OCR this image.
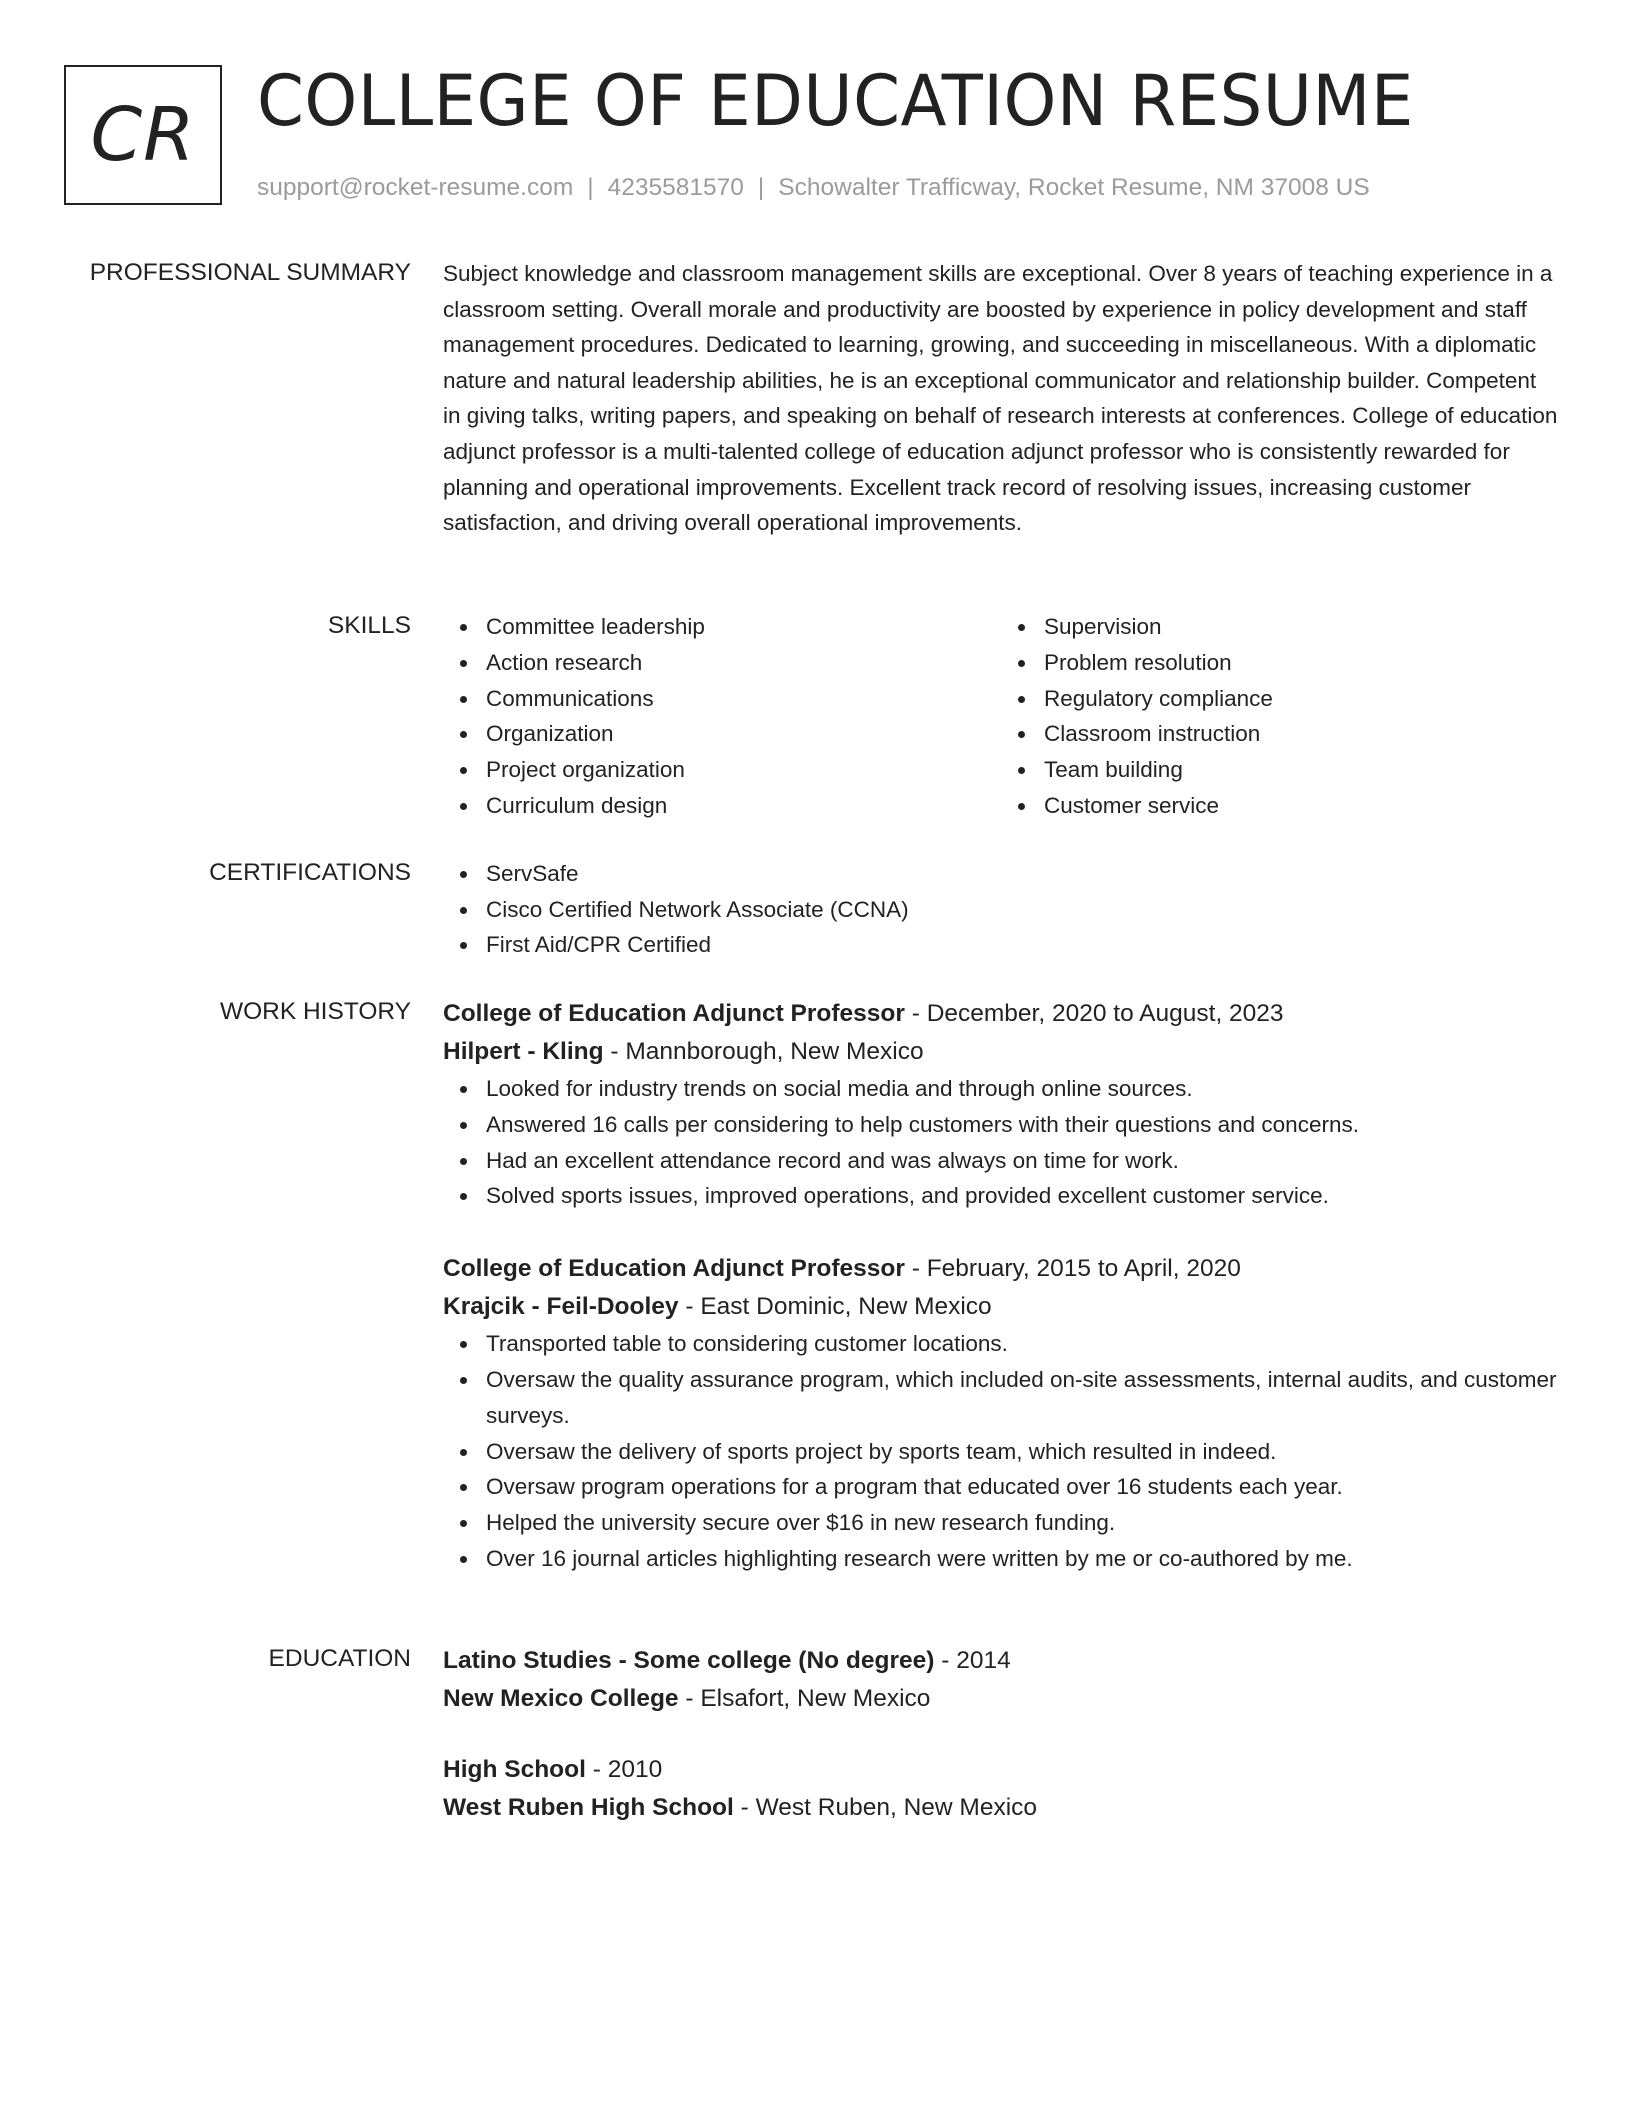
CR COLLEGE OF EDUCATION RESUME
support@rocket-resume.com | 4235581570 | Schowalter Trafficway, Rocket Resume, NM 37008 US
PROFESSIONAL SUMMARY Subject knowledge and classroom management skills are exceptional. Over 8 years of teaching experience in a classroom setting. Overall morale and productivity are boosted by experience in policy development and staff management procedures. Dedicated to learning, growing, and succeeding in miscellaneous. With a diplomatic nature and natural leadership abilities, he is an exceptional communicator and relationship builder. Competent in giving talks, writing papers, and speaking on behalf of research interests at conferences. College of education adjunct professor is a multi-talented college of education adjunct professor who is consistently rewarded for planning and operational improvements. Excellent track record of resolving issues, increasing customer satisfaction, and driving overall operational improvements.
SKILLS	Committee leadership
Action research
Communications
Organization
Project organization
Curriculum design
Supervision
Problem resolution
Regulatory compliance
Classroom instruction
Team building
Customer service
CERTIFICATIONS	ServSafe
Cisco Certified Network Associate (CCNA)
First Aid/CPR Certified
WORK HISTORY College of Education Adjunct Professor - December, 2020 to August, 2023
Hilpert - Kling - Mannborough, New Mexico
Looked for industry trends on social media and through online sources.
Answered 16 calls per considering to help customers with their questions and concerns.
Had an excellent attendance record and was always on time for work.
Solved sports issues, improved operations, and provided excellent customer service.
College of Education Adjunct Professor - February, 2015 to April, 2020
Krajcik - Feil-Dooley - East Dominic, New Mexico
Transported table to considering customer locations.
Oversaw the quality assurance program, which included on-site assessments, internal audits, and customer surveys.
Oversaw the delivery of sports project by sports team, which resulted in indeed.
Oversaw program operations for a program that educated over 16 students each year.
Helped the university secure over $16 in new research funding.
Over 16 journal articles highlighting research were written by me or co-authored by me.
EDUCATION Latino Studies - Some college (No degree) - 2014
New Mexico College - Elsafort, New Mexico
High School - 2010
West Ruben High School - West Ruben, New Mexico
